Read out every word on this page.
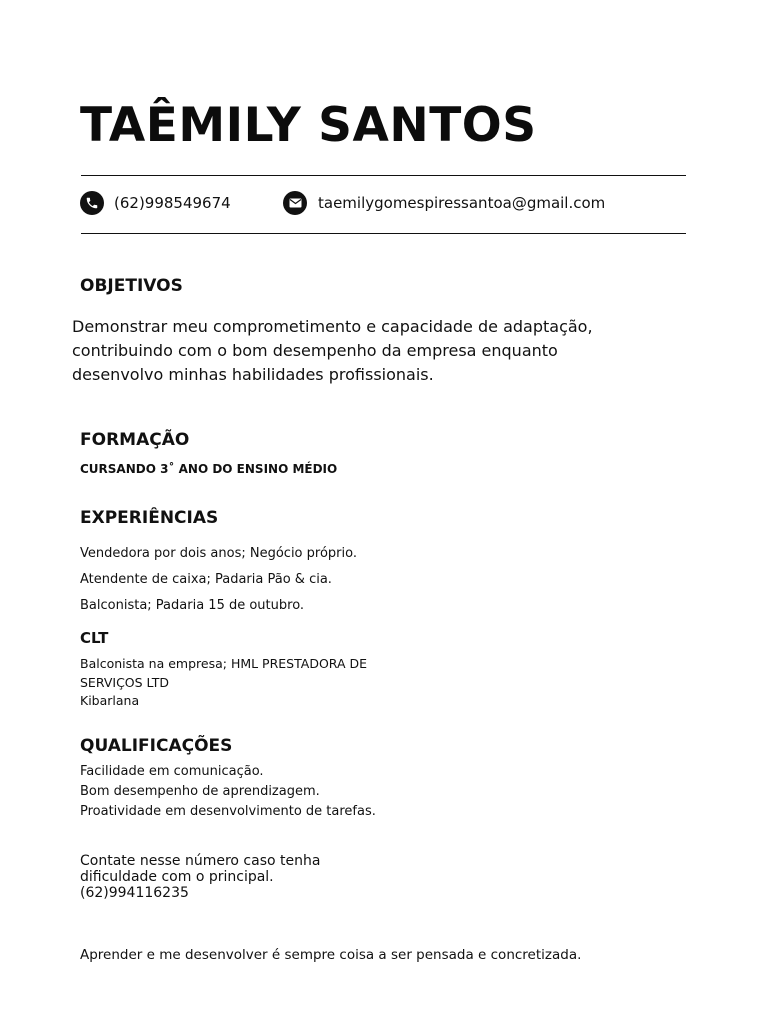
TAÊMILY SANTOS
(62)998549674	taemilygomespiressantoa@gmail.com
OBJETIVOS
Demonstrar meu comprometimento e capacidade de adaptação,
contribuindo com o bom desempenho da empresa enquanto
desenvolvo minhas habilidades profissionais.
FORMAÇÃO
CURSANDO 3˚ ANO DO ENSINO MÉDIO
EXPERIÊNCIAS
Vendedora por dois anos; Negócio próprio.
Atendente de caixa; Padaria Pão & cia.
Balconista; Padaria 15 de outubro.
CLT
Balconista na empresa; HML PRESTADORA DE
SERVIÇOS LTD
Kibarlana
QUALIFICAÇÕES
Facilidade em comunicação.
Bom desempenho de aprendizagem.
Proatividade em desenvolvimento de tarefas.
Contate nesse número caso tenha
dificuldade com o principal.
(62)994116235
Aprender e me desenvolver é sempre coisa a ser pensada e concretizada.
